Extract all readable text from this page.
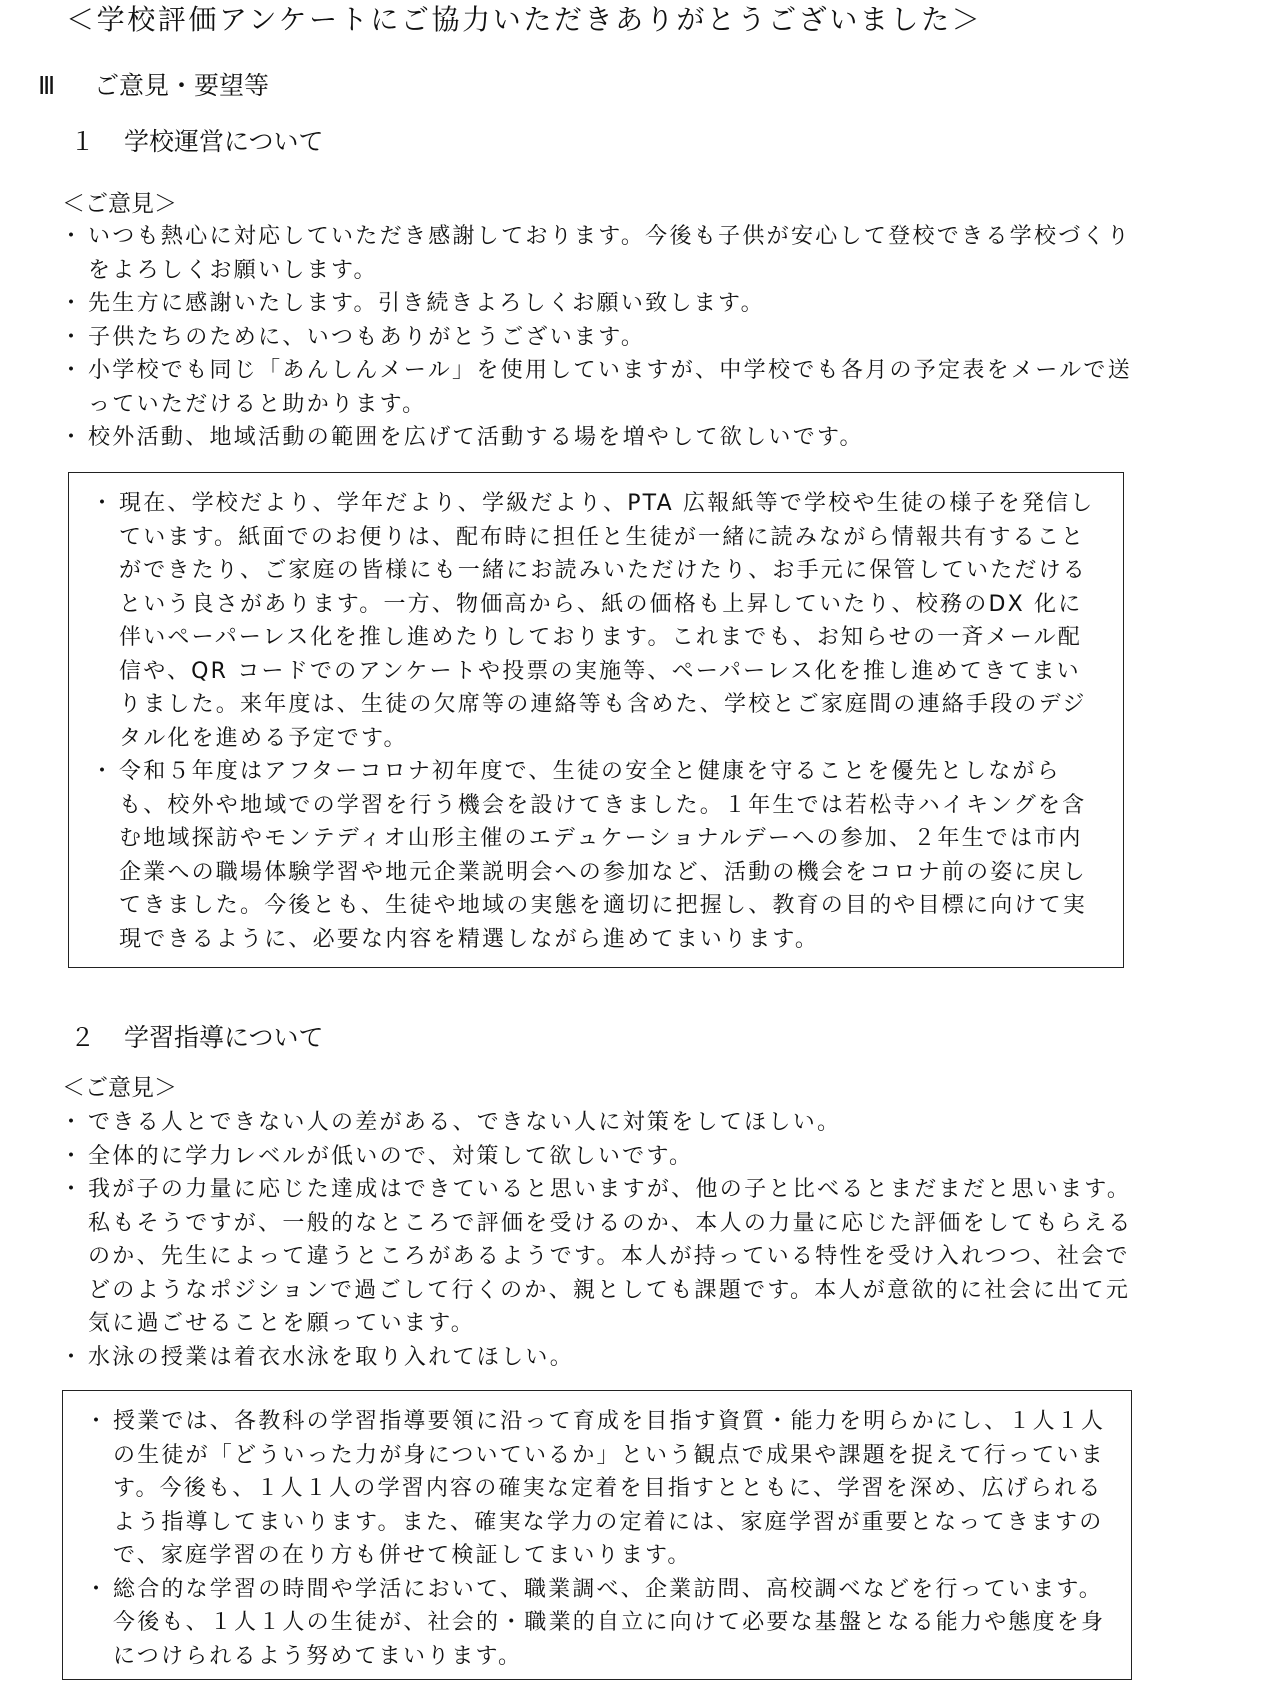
＜学校評価アンケートにご協力いただきありがとうございました＞
Ⅲ ご意見・要望等
１ 学校運営について
＜ご意見＞
・ いつも熱心に対応していただき感謝しております。今後も子供が安心して登校できる学校づくりをよろしくお願いします。
・ 先生方に感謝いたします。引き続きよろしくお願い致します。
・ 子供たちのために、いつもありがとうございます。
・ 小学校でも同じ「あんしんメール」を使用していますが、中学校でも各月の予定表をメールで送っていただけると助かります。
・ 校外活動、地域活動の範囲を広げて活動する場を増やして欲しいです。
・ 現在、学校だより、学年だより、学級だより、PTA 広報紙等で学校や生徒の様子を発信しています。紙面でのお便りは、配布時に担任と生徒が一緒に読みながら情報共有することができたり、ご家庭の皆様にも一緒にお読みいただけたり、お手元に保管していただけるという良さがあります。一方、物価高から、紙の価格も上昇していたり、校務のDX 化に伴いペーパーレス化を推し進めたりしております。これまでも、お知らせの一斉メール配信や、QR コードでのアンケートや投票の実施等、ペーパーレス化を推し進めてきてまいりました。来年度は、生徒の欠席等の連絡等も含めた、学校とご家庭間の連絡手段のデジタル化を進める予定です。
・ 令和５年度はアフターコロナ初年度で、生徒の安全と健康を守ることを優先としながらも、校外や地域での学習を行う機会を設けてきました。１年生では若松寺ハイキングを含む地域探訪やモンテディオ山形主催のエデュケーショナルデーへの参加、２年生では市内企業への職場体験学習や地元企業説明会への参加など、活動の機会をコロナ前の姿に戻してきました。今後とも、生徒や地域の実態を適切に把握し、教育の目的や目標に向けて実現できるように、必要な内容を精選しながら進めてまいります。
２ 学習指導について
＜ご意見＞
・ できる人とできない人の差がある、できない人に対策をしてほしい。
・ 全体的に学力レベルが低いので、対策して欲しいです。
・ 我が子の力量に応じた達成はできていると思いますが、他の子と比べるとまだまだと思います。私もそうですが、一般的なところで評価を受けるのか、本人の力量に応じた評価をしてもらえるのか、先生によって違うところがあるようです。本人が持っている特性を受け入れつつ、社会でどのようなポジションで過ごして行くのか、親としても課題です。本人が意欲的に社会に出て元気に過ごせることを願っています。
・ 水泳の授業は着衣水泳を取り入れてほしい。
・ 授業では、各教科の学習指導要領に沿って育成を目指す資質・能力を明らかにし、１人１人の生徒が「どういった力が身についているか」という観点で成果や課題を捉えて行っています。今後も、１人１人の学習内容の確実な定着を目指すとともに、学習を深め、広げられるよう指導してまいります。また、確実な学力の定着には、家庭学習が重要となってきますので、家庭学習の在り方も併せて検証してまいります。
・ 総合的な学習の時間や学活において、職業調べ、企業訪問、高校調べなどを行っています。今後も、１人１人の生徒が、社会的・職業的自立に向けて必要な基盤となる能力や態度を身につけられるよう努めてまいります。
